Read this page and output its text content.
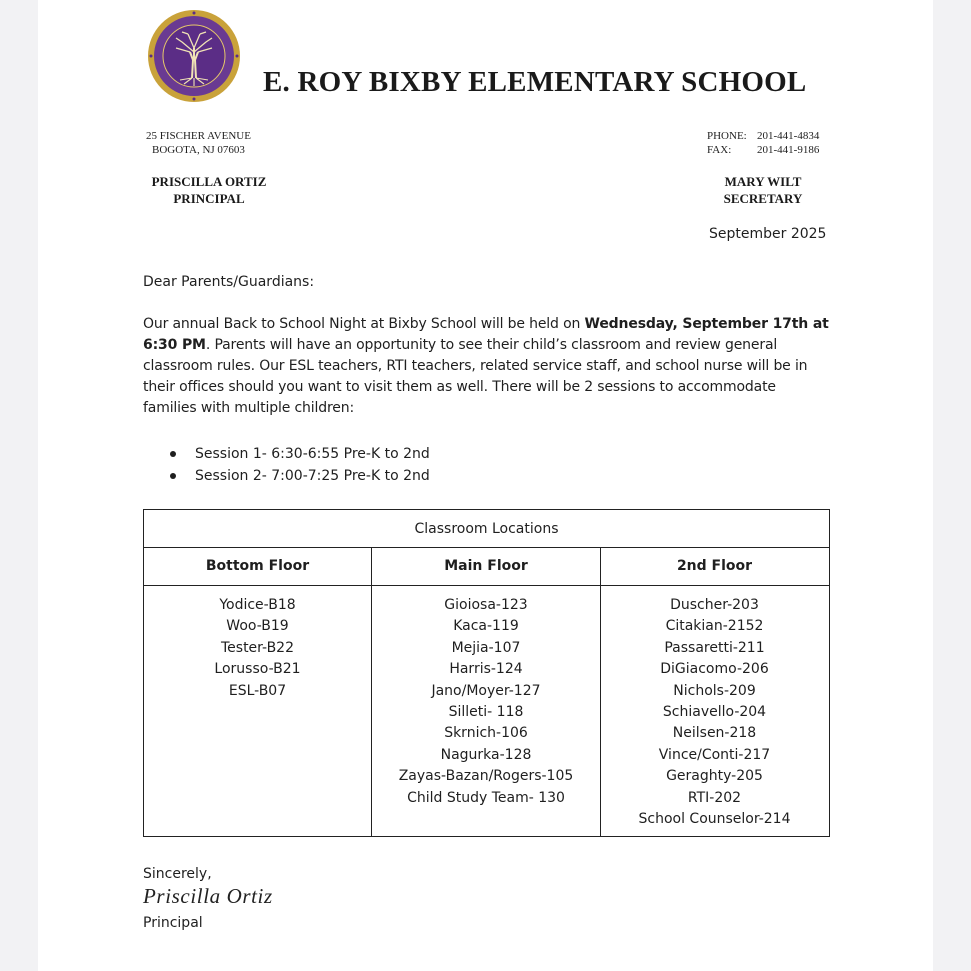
E. ROY BIXBY ELEMENTARY SCHOOL
25 FISCHER AVENUE
BOGOTA, NJ 07603
PHONE: 201-441-4834
FAX: 201-441-9186
PRISCILLA ORTIZ
PRINCIPAL
MARY WILT
SECRETARY
September 2025
Dear Parents/Guardians:
Our annual Back to School Night at Bixby School will be held on Wednesday, September 17th at 6:30 PM. Parents will have an opportunity to see their child’s classroom and review general classroom rules. Our ESL teachers, RTI teachers, related service staff, and school nurse will be in their offices should you want to visit them as well. There will be 2 sessions to accommodate families with multiple children:
Session 1- 6:30-6:55 Pre-K to 2nd
Session 2- 7:00-7:25 Pre-K to 2nd
Classroom Locations
Bottom Floor	Main Floor	2nd Floor
Yodice-B18
Woo-B19
Tester-B22
Lorusso-B21
ESL-B07
Gioiosa-123
Kaca-119
Mejia-107
Harris-124
Jano/Moyer-127
Silleti- 118
Skrnich-106
Nagurka-128
Zayas-Bazan/Rogers-105
Child Study Team- 130
Duscher-203
Citakian-2152
Passaretti-211
DiGiacomo-206
Nichols-209
Schiavello-204
Neilsen-218
Vince/Conti-217
Geraghty-205
RTI-202
School Counselor-214
Sincerely,
Priscilla Ortiz
Principal
